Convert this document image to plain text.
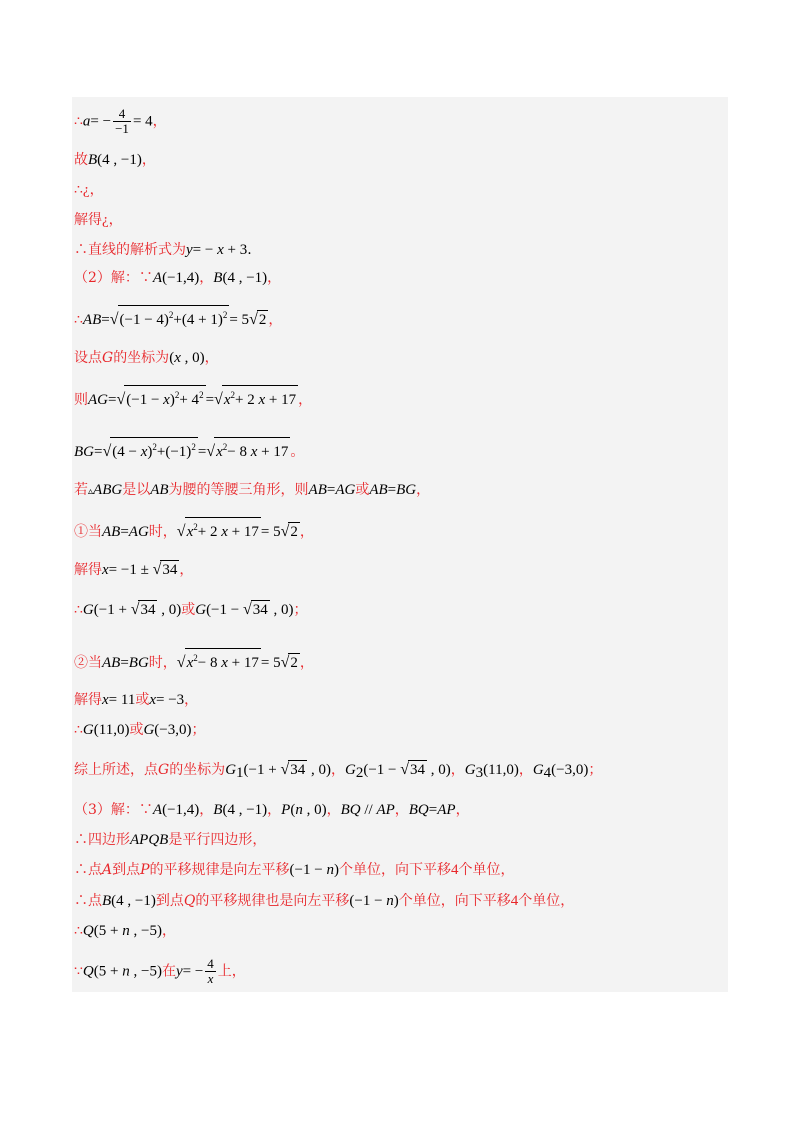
∴a= − $\frac{4}{-1} = 4$，
故B(4 , −1)，
∴¿，
解得¿，
∴直线的解析式为y= − x + 3.
（2）解：∵A(−1,4)，B(4 , −1)，
∴AB=√(−1 − $4)^2+(4 + 1)^2 = 5√2$ ，
设点G的坐标为(x , 0)，
则$AG=√(-1 - x)^2+ 4^2 =√x^2+ 2$ x + 17 ，
$BG=√(4 - x)^2+(-1)^2 =√x^2- 8$ x + 17 。
若▵ABG是以AB为腰的等腰三角形，则AB=AG或AB=BG，
①当AB=AG时，$√x^2+ 2$ x + 17 = 5√2 ，
解得x= −1 ± √34 ，
∴G(−1 + √34 , 0)或G(−1 − √34 , 0)；
②当AB=BG时，$√x^2- 8$ x + 17 = 5√2 ，
解得x= 11或x= −3，
∴G(11,0)或G(−3,0)；
综上所述，点G的坐标为$G_1(-1 + √34$ , 0)，$G_2(-1 - √34$ , 0)，$G_3(11,0)$，$G_4(-3,0)$；
（3）解：∵A(−1,4)，B(4 , −1)，P(n , 0)，BQ // AP，BQ=AP，
∴四边形APQB是平行四边形，
∴点A到点P的平移规律是向左平移(−1 − n)个单位，向下平移4个单位，
∴点B(4 , −1)到点Q的平移规律也是向左平移(−1 − n)个单位，向下平移4个单位，
∴Q(5 + n , −5)，
∵Q(5 + n , −5)在$y= - \frac{4}{x}$ 上，
